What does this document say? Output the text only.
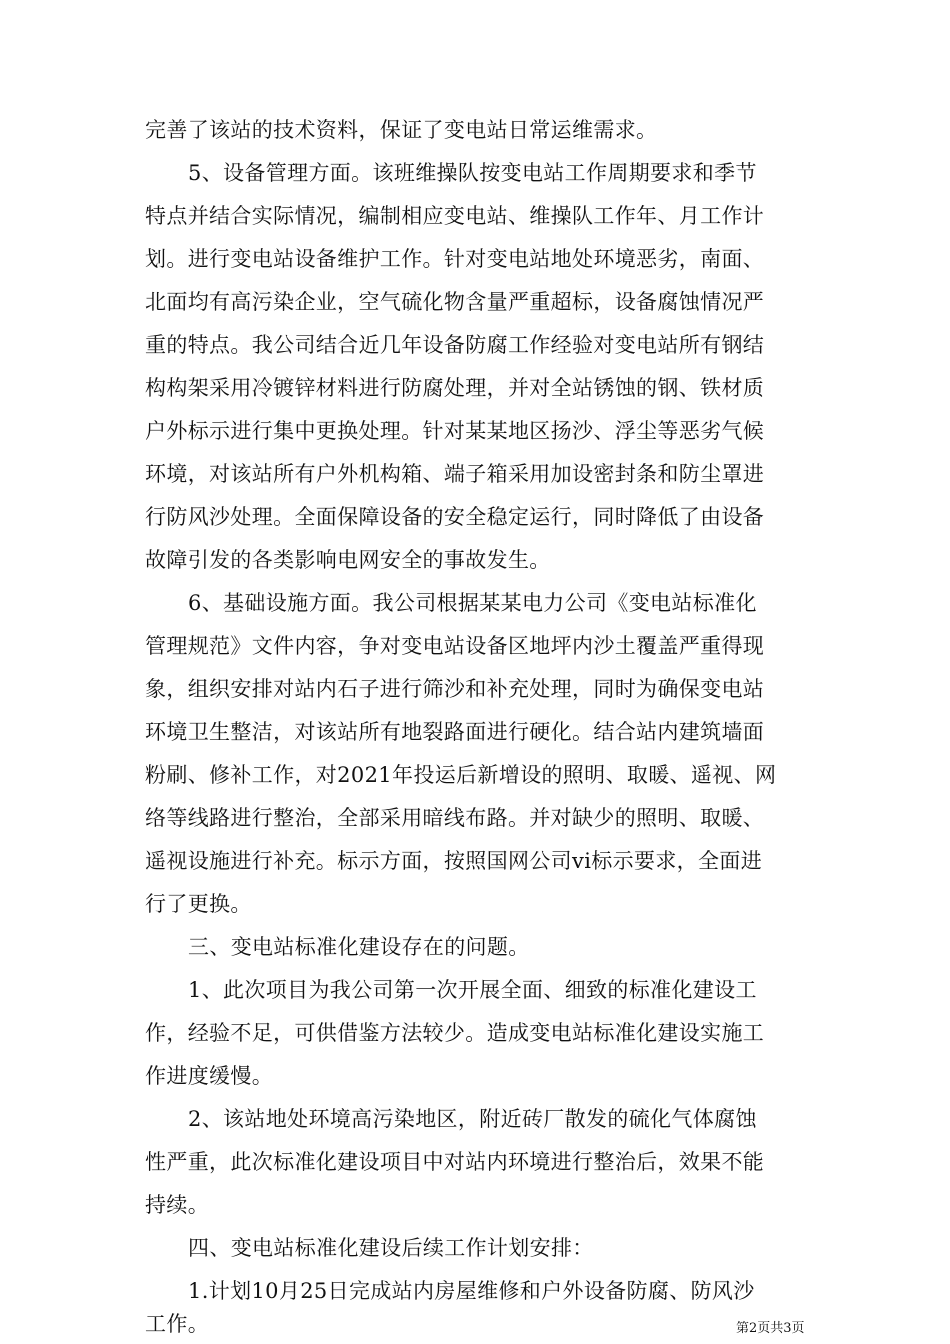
完善了该站的技术资料，保证了变电站日常运维需求。
5、设备管理方面。该班维操队按变电站工作周期要求和季节
特点并结合实际情况，编制相应变电站、维操队工作年、月工作计
划。进行变电站设备维护工作。针对变电站地处环境恶劣，南面、
北面均有高污染企业，空气硫化物含量严重超标，设备腐蚀情况严
重的特点。我公司结合近几年设备防腐工作经验对变电站所有钢结
构构架采用冷镀锌材料进行防腐处理，并对全站锈蚀的钢、铁材质
户外标示进行集中更换处理。针对某某地区扬沙、浮尘等恶劣气候
环境，对该站所有户外机构箱、端子箱采用加设密封条和防尘罩进
行防风沙处理。全面保障设备的安全稳定运行，同时降低了由设备
故障引发的各类影响电网安全的事故发生。
6、基础设施方面。我公司根据某某电力公司《变电站标准化
管理规范》文件内容，争对变电站设备区地坪内沙土覆盖严重得现
象，组织安排对站内石子进行筛沙和补充处理，同时为确保变电站
环境卫生整洁，对该站所有地裂路面进行硬化。结合站内建筑墙面
粉刷、修补工作，对2021年投运后新增设的照明、取暖、遥视、网
络等线路进行整治，全部采用暗线布路。并对缺少的照明、取暖、
遥视设施进行补充。标示方面，按照国网公司vi标示要求，全面进
行了更换。
三、变电站标准化建设存在的问题。
1、此次项目为我公司第一次开展全面、细致的标准化建设工
作，经验不足，可供借鉴方法较少。造成变电站标准化建设实施工
作进度缓慢。
2、该站地处环境高污染地区，附近砖厂散发的硫化气体腐蚀
性严重，此次标准化建设项目中对站内环境进行整治后，效果不能
持续。
四、变电站标准化建设后续工作计划安排：
1.计划10月25日完成站内房屋维修和户外设备防腐、防风沙
工作。	第2页共3页
